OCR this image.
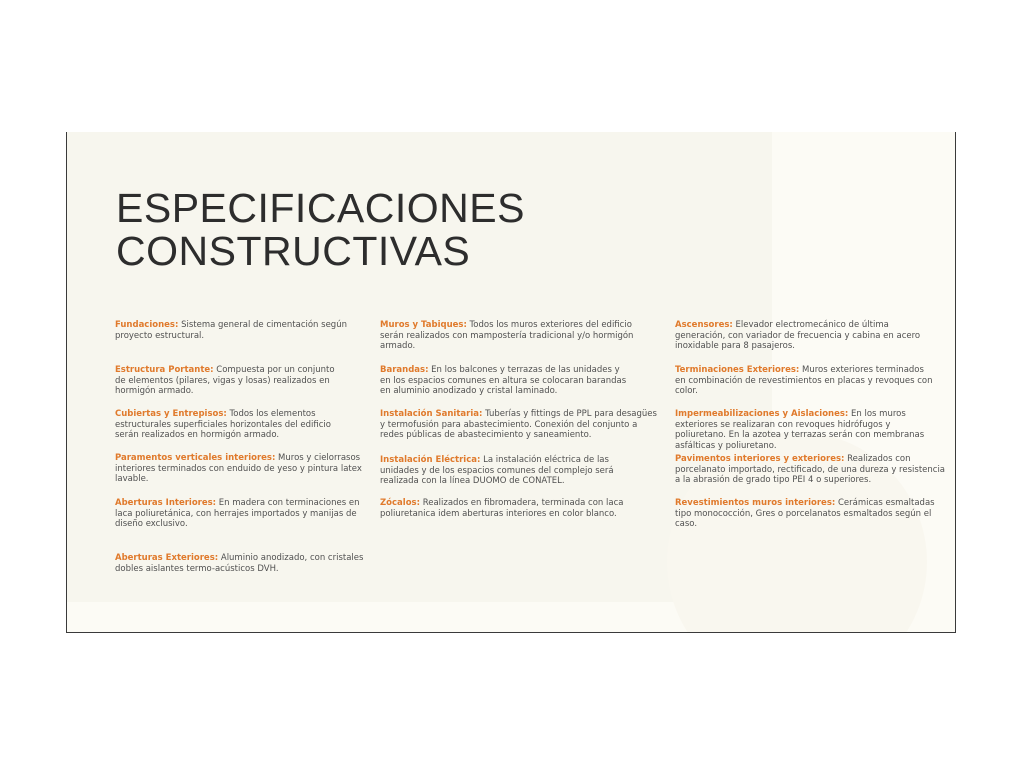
ESPECIFICACIONES
CONSTRUCTIVAS

Fundaciones: Sistema general de cimentación según proyecto estructural.

Estructura Portante: Compuesta por un conjunto de elementos (pilares, vigas y losas) realizados en hormigón armado.

Cubiertas y Entrepisos: Todos los elementos estructurales superficiales horizontales del edificio serán realizados en hormigón armado.

Paramentos verticales interiores: Muros y cielorrasos interiores terminados con enduido de yeso y pintura latex lavable.

Aberturas Interiores: En madera con terminaciones en laca poliuretánica, con herrajes importados y manijas de diseño exclusivo.

Aberturas Exteriores: Aluminio anodizado, con cristales dobles aislantes termo-acústicos DVH.

Muros y Tabiques: Todos los muros exteriores del edificio serán realizados con mampostería tradicional y/o hormigón armado.

Barandas: En los balcones y terrazas de las unidades y en los espacios comunes en altura se colocaran barandas en aluminio anodizado y cristal laminado.

Instalación Sanitaria: Tuberías y fittings de PPL para desagües y termofusión para abastecimiento. Conexión del conjunto a redes públicas de abastecimiento y saneamiento.

Instalación Eléctrica: La instalación eléctrica de las unidades y de los espacios comunes del complejo será realizada con la línea DUOMO de CONATEL.

Zócalos: Realizados en fibromadera, terminada con laca poliuretanica idem aberturas interiores en color blanco.

Ascensores: Elevador electromecánico de última generación, con variador de frecuencia y cabina en acero inoxidable para 8 pasajeros.

Terminaciones Exteriores: Muros exteriores terminados en combinación de revestimientos en placas y revoques con color.

Impermeabilizaciones y Aislaciones: En los muros exteriores se realizaran con revoques hidrófugos y poliuretano. En la azotea y terrazas serán con membranas asfálticas y poliuretano.

Pavimentos interiores y exteriores: Realizados con porcelanato importado, rectificado, de una dureza y resistencia a la abrasión de grado tipo PEI 4 o superiores.

Revestimientos muros interiores: Cerámicas esmaltadas tipo monococción, Gres o porcelanatos esmaltados según el caso.
